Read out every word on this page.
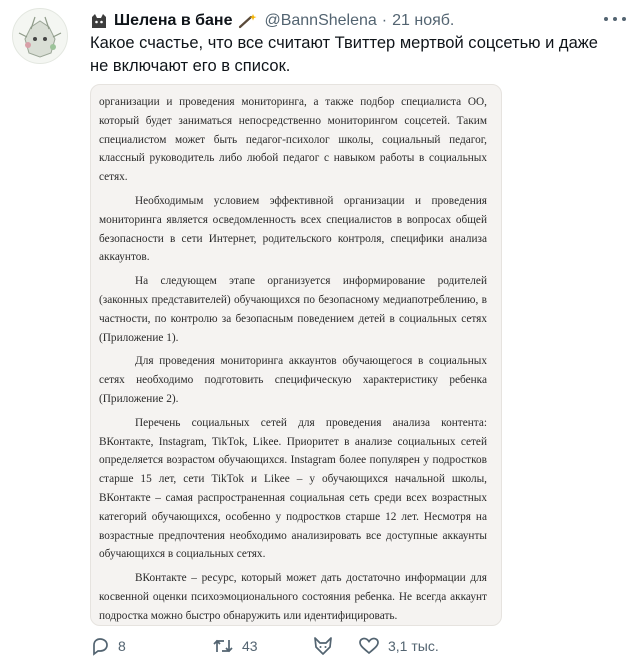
Шелена в бане @BannShelena · 21 нояб.
Какое счастье, что все считают Твиттер мертвой соцсетью и даже не включают его в список.

организации и проведения мониторинга, а также подбор специалиста ОО, который будет заниматься непосредственно мониторингом соцсетей. Таким специалистом может быть педагог-психолог школы, социальный педагог, классный руководитель либо любой педагог с навыком работы в социальных сетях.

Необходимым условием эффективной организации и проведения мониторинга является осведомленность всех специалистов в вопросах общей безопасности в сети Интернет, родительского контроля, специфики анализа аккаунтов.

На следующем этапе организуется информирование родителей (законных представителей) обучающихся по безопасному медиапотреблению, в частности, по контролю за безопасным поведением детей в социальных сетях (Приложение 1).

Для проведения мониторинга аккаунтов обучающегося в социальных сетях необходимо подготовить специфическую характеристику ребенка (Приложение 2).

Перечень социальных сетей для проведения анализа контента: ВКонтакте, Instagram, TikTok, Likee. Приоритет в анализе социальных сетей определяется возрастом обучающихся. Instagram более популярен у подростков старше 15 лет, сети TikTok и Likee – у обучающихся начальной школы, ВКонтакте – самая распространенная социальная сеть среди всех возрастных категорий обучающихся, особенно у подростков старше 12 лет. Несмотря на возрастные предпочтения необходимо анализировать все доступные аккаунты обучающихся в социальных сетях.

ВКонтакте – ресурс, который может дать достаточно информации для косвенной оценки психоэмоционального состояния ребенка. Не всегда аккаунт подростка можно быстро обнаружить или идентифицировать.

8	43	3,1 тыс.
